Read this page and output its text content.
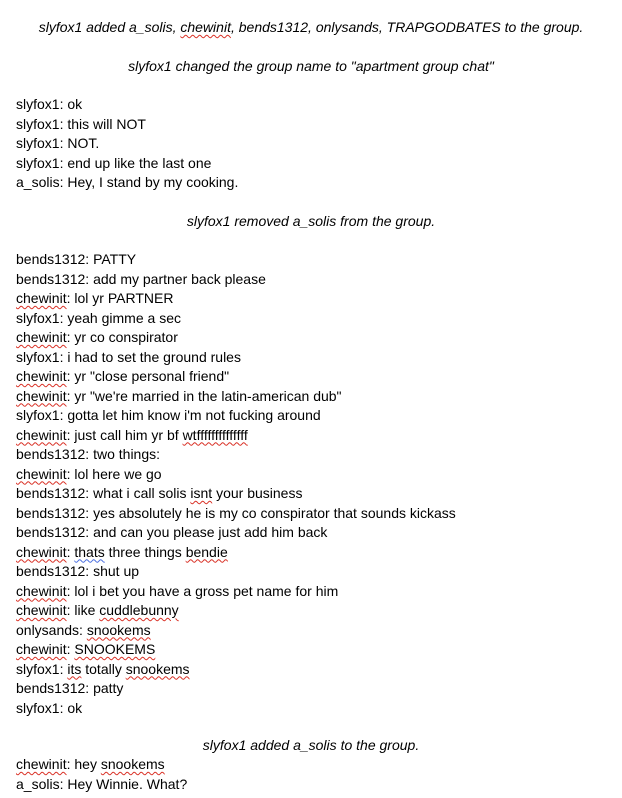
slyfox1 added a_solis, chewinit, bends1312, onlysands, TRAPGODBATES to the group.
slyfox1 changed the group name to "apartment group chat"
slyfox1: ok
slyfox1: this will NOT
slyfox1: NOT.
slyfox1: end up like the last one
a_solis: Hey, I stand by my cooking.
slyfox1 removed a_solis from the group.
bends1312: PATTY
bends1312: add my partner back please
chewinit: lol yr PARTNER
slyfox1: yeah gimme a sec
chewinit: yr co conspirator
slyfox1: i had to set the ground rules
chewinit: yr "close personal friend"
chewinit: yr "we're married in the latin-american dub"
slyfox1: gotta let him know i'm not fucking around
chewinit: just call him yr bf wtffffffffffffff
bends1312: two things:
chewinit: lol here we go
bends1312: what i call solis isnt your business
bends1312: yes absolutely he is my co conspirator that sounds kickass
bends1312: and can you please just add him back
chewinit: thats three things bendie
bends1312: shut up
chewinit: lol i bet you have a gross pet name for him
chewinit: like cuddlebunny
onlysands: snookems
chewinit: SNOOKEMS
slyfox1: its totally snookems
bends1312: patty
slyfox1: ok
slyfox1 added a_solis to the group.
chewinit: hey snookems
a_solis: Hey Winnie. What?
